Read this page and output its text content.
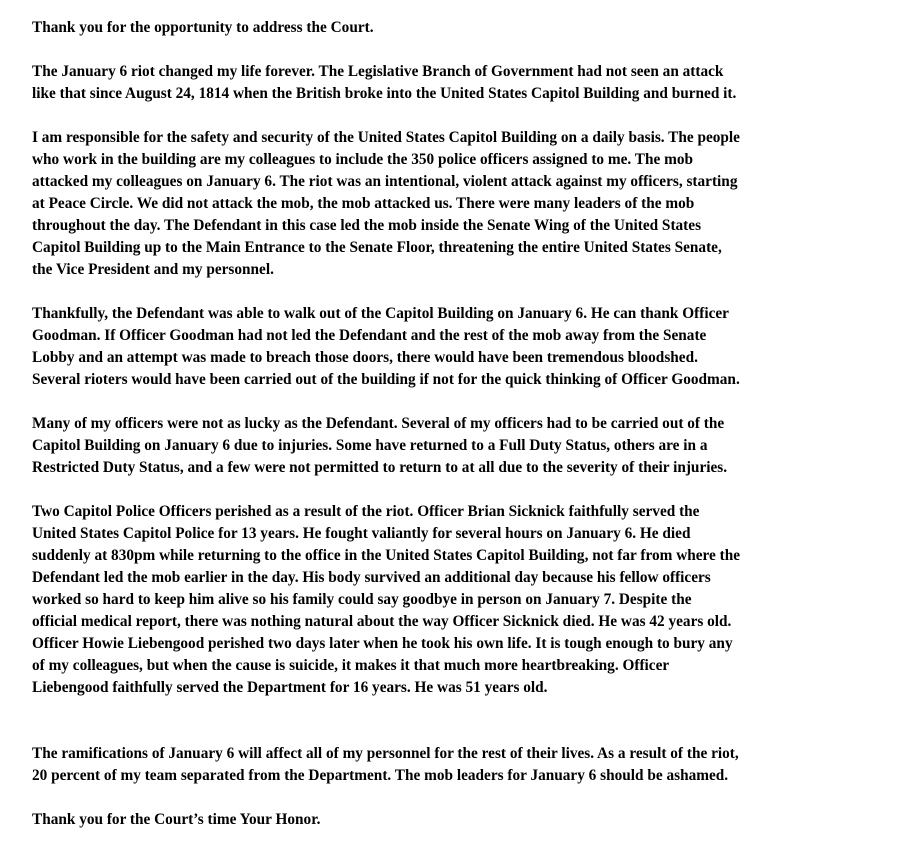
Thank you for the opportunity to address the Court.

The January 6 riot changed my life forever. The Legislative Branch of Government had not seen an attack
like that since August 24, 1814 when the British broke into the United States Capitol Building and burned it.

I am responsible for the safety and security of the United States Capitol Building on a daily basis. The people
who work in the building are my colleagues to include the 350 police officers assigned to me. The mob
attacked my colleagues on January 6. The riot was an intentional, violent attack against my officers, starting
at Peace Circle. We did not attack the mob, the mob attacked us. There were many leaders of the mob
throughout the day. The Defendant in this case led the mob inside the Senate Wing of the United States
Capitol Building up to the Main Entrance to the Senate Floor, threatening the entire United States Senate,
the Vice President and my personnel.

Thankfully, the Defendant was able to walk out of the Capitol Building on January 6. He can thank Officer
Goodman. If Officer Goodman had not led the Defendant and the rest of the mob away from the Senate
Lobby and an attempt was made to breach those doors, there would have been tremendous bloodshed.
Several rioters would have been carried out of the building if not for the quick thinking of Officer Goodman.

Many of my officers were not as lucky as the Defendant. Several of my officers had to be carried out of the
Capitol Building on January 6 due to injuries. Some have returned to a Full Duty Status, others are in a
Restricted Duty Status, and a few were not permitted to return to at all due to the severity of their injuries.

Two Capitol Police Officers perished as a result of the riot. Officer Brian Sicknick faithfully served the
United States Capitol Police for 13 years. He fought valiantly for several hours on January 6. He died
suddenly at 830pm while returning to the office in the United States Capitol Building, not far from where the
Defendant led the mob earlier in the day. His body survived an additional day because his fellow officers
worked so hard to keep him alive so his family could say goodbye in person on January 7. Despite the
official medical report, there was nothing natural about the way Officer Sicknick died. He was 42 years old.
Officer Howie Liebengood perished two days later when he took his own life. It is tough enough to bury any
of my colleagues, but when the cause is suicide, it makes it that much more heartbreaking. Officer
Liebengood faithfully served the Department for 16 years. He was 51 years old.

The ramifications of January 6 will affect all of my personnel for the rest of their lives. As a result of the riot,
20 percent of my team separated from the Department. The mob leaders for January 6 should be ashamed.

Thank you for the Court’s time Your Honor.
